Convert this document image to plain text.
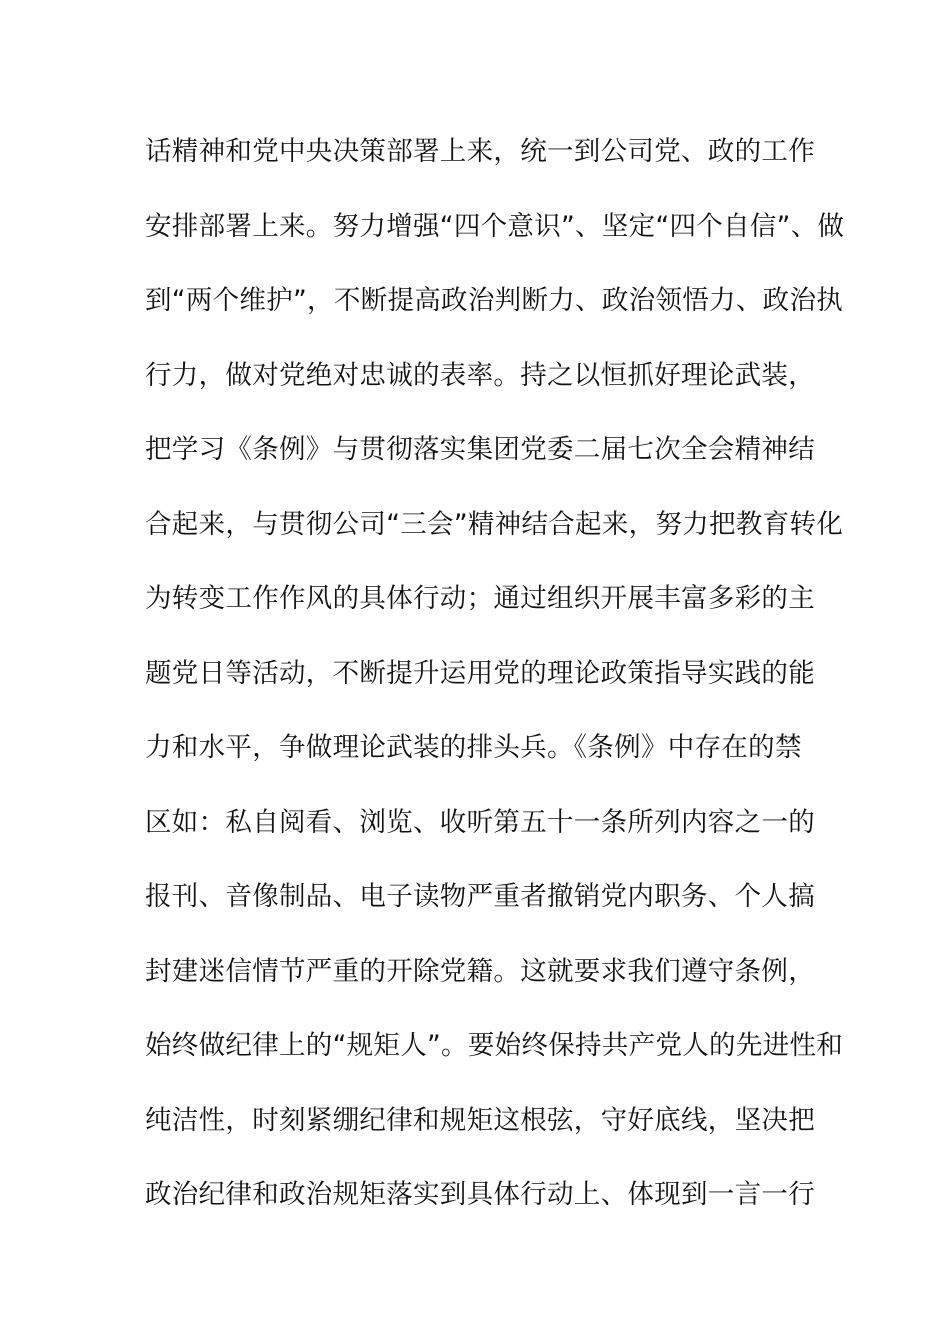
话精神和党中央决策部署上来，统一到公司党、政的工作
安排部署上来。努力增强“四个意识”、坚定“四个自信”、做
到“两个维护”，不断提高政治判断力、政治领悟力、政治执
行力，做对党绝对忠诚的表率。持之以恒抓好理论武装，
把学习《条例》与贯彻落实集团党委二届七次全会精神结
合起来，与贯彻公司“三会”精神结合起来，努力把教育转化
为转变工作作风的具体行动；通过组织开展丰富多彩的主
题党日等活动，不断提升运用党的理论政策指导实践的能
力和水平，争做理论武装的排头兵。《条例》中存在的禁
区如：私自阅看、浏览、收听第五十一条所列内容之一的
报刊、音像制品、电子读物严重者撤销党内职务、个人搞
封建迷信情节严重的开除党籍。这就要求我们遵守条例，
始终做纪律上的“规矩人”。要始终保持共产党人的先进性和
纯洁性，时刻紧绷纪律和规矩这根弦，守好底线，坚决把
政治纪律和政治规矩落实到具体行动上、体现到一言一行
